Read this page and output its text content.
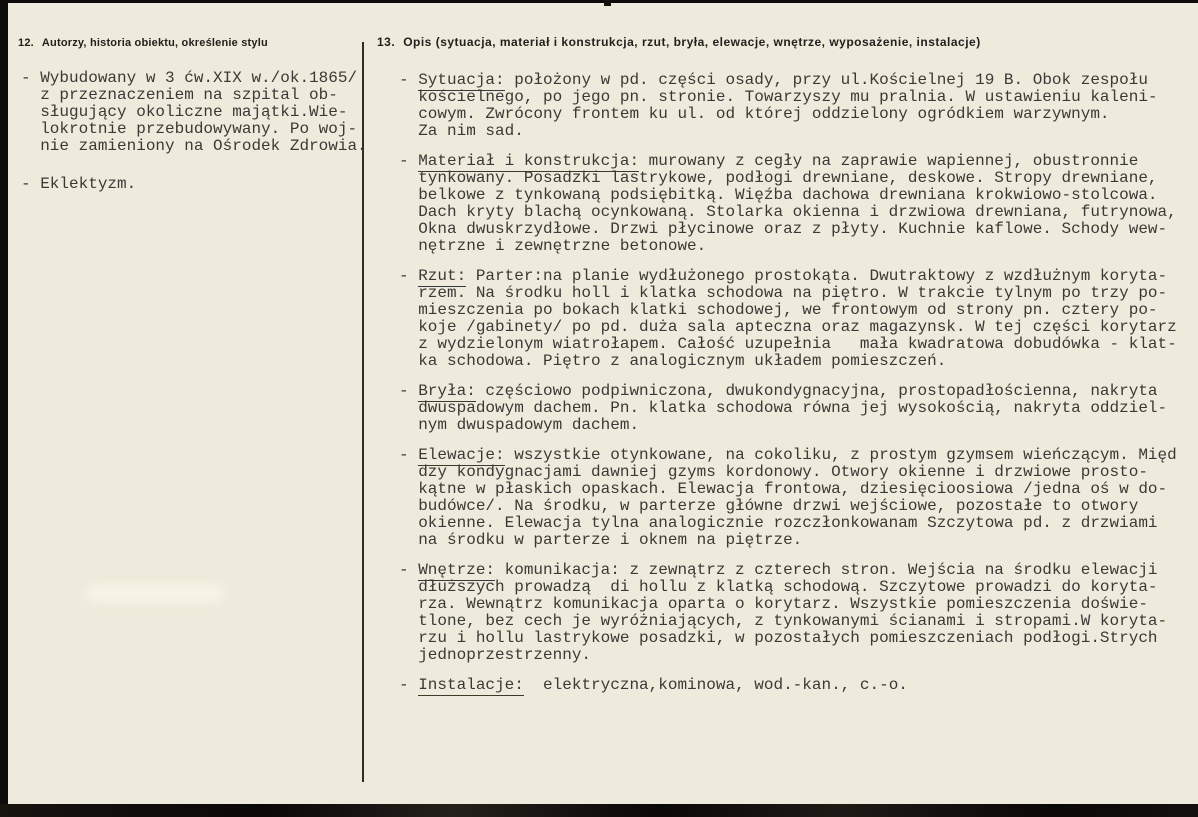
12. Autorzy, historia obiektu, określenie stylu	13. Opis (sytuacja, materiał i konstrukcja, rzut, bryła, elewacje, wnętrze, wyposażenie, instalacje)
- Wybudowany w 3 ćw.XIX w./ok.1865/
z przeznaczeniem na szpital ob-
sługujący okoliczne majątki.Wie-
lokrotnie przebudowywany. Po woj-
nie zamieniony na Ośrodek Zdrowia.
- Eklektyzm.
- Sytuacja: położony w pd. części osady, przy ul.Kościelnej 19 B. Obok zespołu
kościelnego, po jego pn. stronie. Towarzyszy mu pralnia. W ustawieniu kaleni-
cowym. Zwrócony frontem ku ul. od której oddzielony ogródkiem warzywnym.
Za nim sad.
- Materiał i konstrukcja: murowany z cegły na zaprawie wapiennej, obustronnie
tynkowany. Posadzki lastrykowe, podłogi drewniane, deskowe. Stropy drewniane,
belkowe z tynkowaną podsiębitką. Więźba dachowa drewniana krokwiowo-stolcowa.
Dach kryty blachą ocynkowaną. Stolarka okienna i drzwiowa drewniana, futrynowa,
Okna dwuskrzydłowe. Drzwi płycinowe oraz z płyty. Kuchnie kaflowe. Schody wew-
nętrzne i zewnętrzne betonowe.
- Rzut: Parter:na planie wydłużonego prostokąta. Dwutraktowy z wzdłużnym koryta-
rzem. Na środku holl i klatka schodowa na piętro. W trakcie tylnym po trzy po-
mieszczenia po bokach klatki schodowej, we frontowym od strony pn. cztery po-
koje /gabinety/ po pd. duża sala apteczna oraz magazynsk. W tej części korytarz
z wydzielonym wiatrołapem. Całość uzupełnia   mała kwadratowa dobudówka - klat-
ka schodowa. Piętro z analogicznym układem pomieszczeń.
- Bryła: częściowo podpiwniczona, dwukondygnacyjna, prostopadłościenna, nakryta
dwuspadowym dachem. Pn. klatka schodowa równa jej wysokością, nakryta oddziel-
nym dwuspadowym dachem.
- Elewacje: wszystkie otynkowane, na cokoliku, z prostym gzymsem wieńczącym. Międ
dzy kondygnacjami dawniej gzyms kordonowy. Otwory okienne i drzwiowe prosto-
kątne w płaskich opaskach. Elewacja frontowa, dziesięcioosiowa /jedna oś w do-
budówce/. Na środku, w parterze główne drzwi wejściowe, pozostałe to otwory
okienne. Elewacja tylna analogicznie rozczłonkowanam Szczytowa pd. z drzwiami
na środku w parterze i oknem na piętrze.
- Wnętrze: komunikacja: z zewnątrz z czterech stron. Wejścia na środku elewacji
dłuższych prowadzą  di hollu z klatką schodową. Szczytowe prowadzi do koryta-
rza. Wewnątrz komunikacja oparta o korytarz. Wszystkie pomieszczenia doświe-
tlone, bez cech je wyróżniających, z tynkowanymi ścianami i stropami.W koryta-
rzu i hollu lastrykowe posadzki, w pozostałych pomieszczeniach podłogi.Strych
jednoprzestrzenny.
- Instalacje:  elektryczna,kominowa, wod.-kan., c.-o.
